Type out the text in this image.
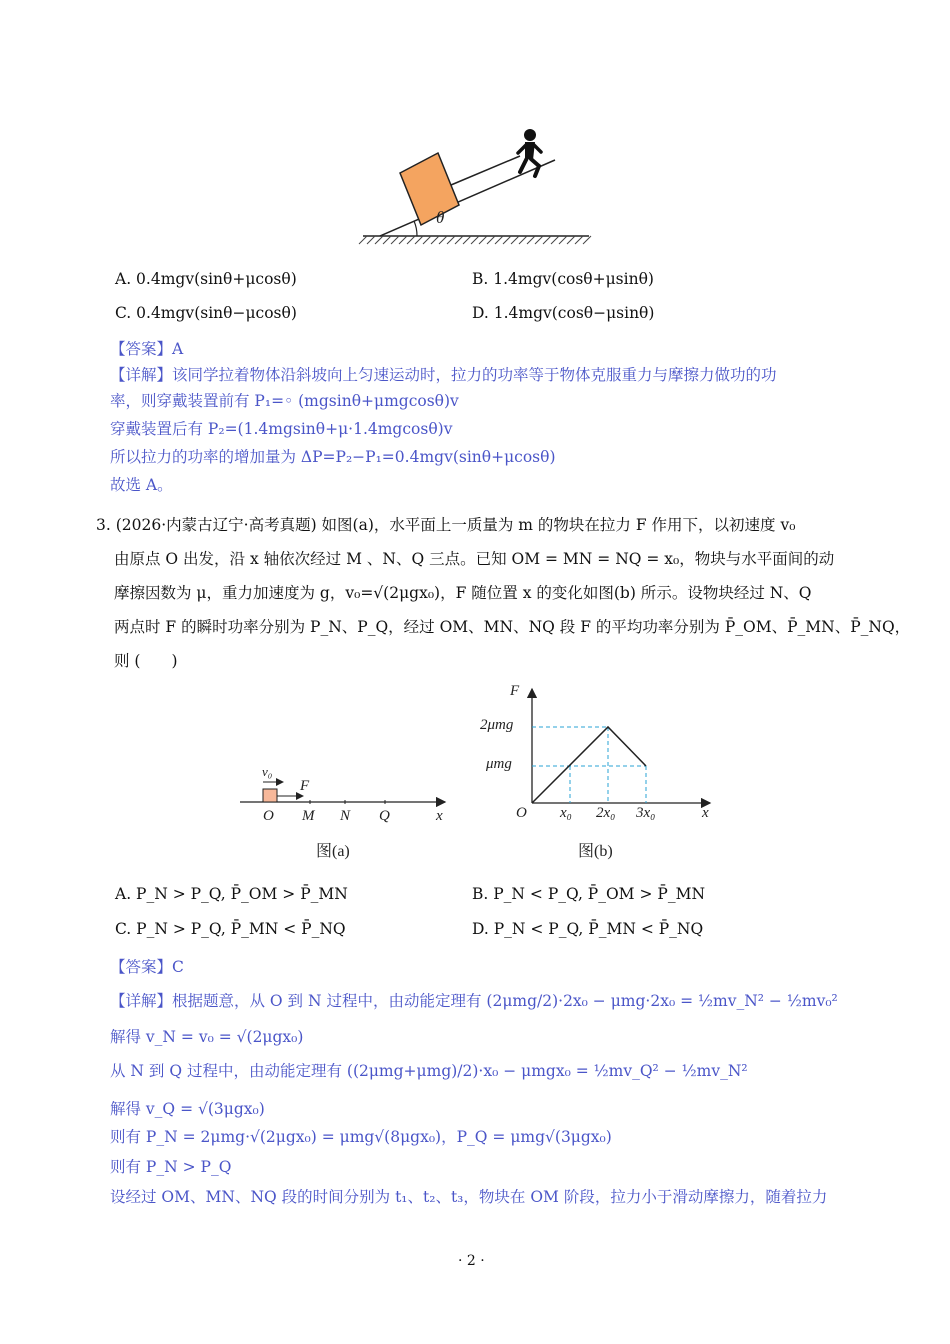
θ
A. 0.4mgv(sinθ+μcosθ)	B. 1.4mgv(cosθ+μsinθ)
C. 0.4mgv(sinθ−μcosθ)	D. 1.4mgv(cosθ−μsinθ)
【答案】A
【详解】该同学拉着物体沿斜坡向上匀速运动时，拉力的功率等于物体克服重力与摩擦力做功的功
率，则穿戴装置前有 P₁=◦ (mgsinθ+μmgcosθ)v
穿戴装置后有 P₂=(1.4mgsinθ+μ·1.4mgcosθ)v
所以拉力的功率的增加量为 ΔP=P₂−P₁=0.4mgv(sinθ+μcosθ)
故选 A。
3. (2026·内蒙古辽宁·高考真题) 如图(a)，水平面上一质量为 m 的物块在拉力 F 作用下，以初速度 v₀
由原点 O 出发，沿 x 轴依次经过 M 、N、Q 三点。已知 OM = MN = NQ = x₀，物块与水平面间的动
摩擦因数为 μ，重力加速度为 g，v₀=√(2μgx₀)，F 随位置 x 的变化如图(b) 所示。设物块经过 N、Q
两点时 F 的瞬时功率分别为 P_N、P_Q，经过 OM、MN、NQ 段 F 的平均功率分别为 P̄_OM、P̄_MN、P̄_NQ，
则 (　　)
v₀
F
O M N Q	x
图(a)
F
2μmg
μmg
O x₀ 2x₀ 3x₀	x
图(b)
A. P_N > P_Q, P̄_OM > P̄_MN	B. P_N < P_Q, P̄_OM > P̄_MN
C. P_N > P_Q, P̄_MN < P̄_NQ	D. P_N < P_Q, P̄_MN < P̄_NQ
【答案】C
【详解】根据题意，从 O 到 N 过程中，由动能定理有 (2μmg/2)·2x₀ − μmg·2x₀ = ½mv_N² − ½mv₀²
解得 v_N = v₀ = √(2μgx₀)
从 N 到 Q 过程中，由动能定理有 ((2μmg+μmg)/2)·x₀ − μmgx₀ = ½mv_Q² − ½mv_N²
解得 v_Q = √(3μgx₀)
则有 P_N = 2μmg·√(2μgx₀) = μmg√(8μgx₀)，P_Q = μmg√(3μgx₀)
则有 P_N > P_Q
设经过 OM、MN、NQ 段的时间分别为 t₁、t₂、t₃，物块在 OM 阶段，拉力小于滑动摩擦力，随着拉力
· 2 ·
